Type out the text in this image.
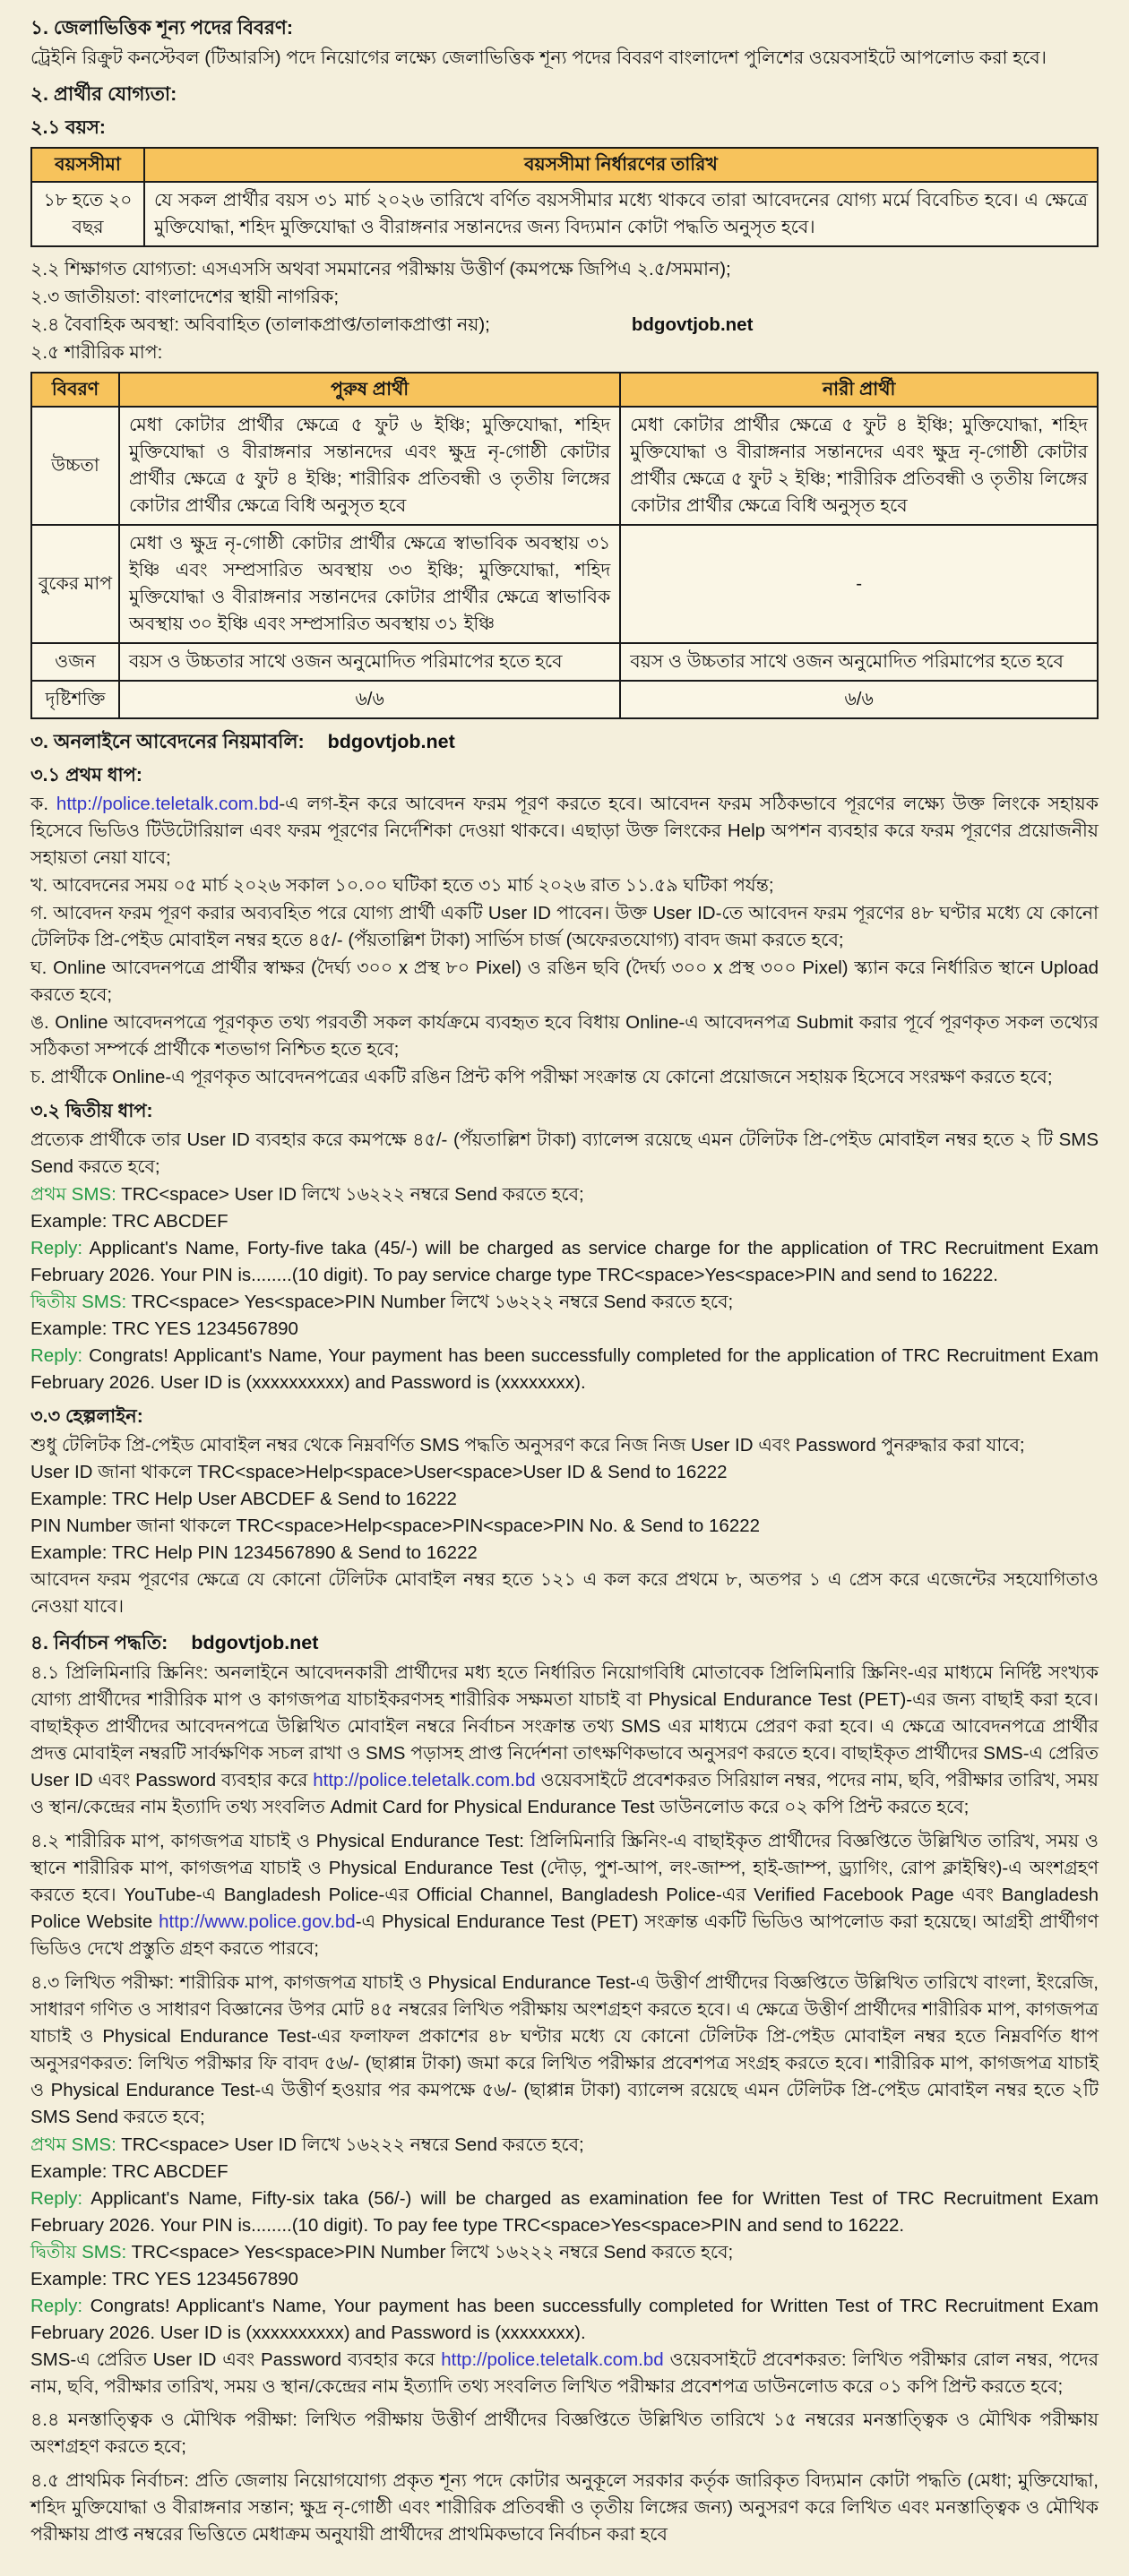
১. জেলাভিত্তিক শূন্য পদের বিবরণ:

ট্রেইনি রিক্রুট কনস্টেবল (টিআরসি) পদে নিয়োগের লক্ষ্যে জেলাভিত্তিক শূন্য পদের বিবরণ বাংলাদেশ পুলিশের ওয়েবসাইটে আপলোড করা হবে।

২. প্রার্থীর যোগ্যতা:
২.১ বয়স:
বয়সসীমা	বয়সসীমা নির্ধারণের তারিখ
১৮ হতে ২০ বছর	যে সকল প্রার্থীর বয়স ৩১ মার্চ ২০২৬ তারিখে বর্ণিত বয়সসীমার মধ্যে থাকবে তারা আবেদনের যোগ্য মর্মে বিবেচিত হবে। এ ক্ষেত্রে মুক্তিযোদ্ধা, শহিদ মুক্তিযোদ্ধা ও বীরাঙ্গনার সন্তানদের জন্য বিদ্যমান কোটা পদ্ধতি অনুসৃত হবে।

২.২ শিক্ষাগত যোগ্যতা: এসএসসি অথবা সমমানের পরীক্ষায় উত্তীর্ণ (কমপক্ষে জিপিএ ২.৫/সমমান);

২.৩ জাতীয়তা: বাংলাদেশের স্থায়ী নাগরিক;

২.৪ বৈবাহিক অবস্থা: অবিবাহিত (তালাকপ্রাপ্ত/তালাকপ্রাপ্তা নয়);	bdgovtjob.net

২.৫ শারীরিক মাপ:

বিবরণ	পুরুষ প্রার্থী	নারী প্রার্থী
উচ্চতা	মেধা কোটার প্রার্থীর ক্ষেত্রে ৫ ফুট ৬ ইঞ্চি; মুক্তিযোদ্ধা, শহিদ মুক্তিযোদ্ধা ও বীরাঙ্গনার সন্তানদের এবং ক্ষুদ্র নৃ-গোষ্ঠী কোটার প্রার্থীর ক্ষেত্রে ৫ ফুট ৪ ইঞ্চি; শারীরিক প্রতিবন্ধী ও তৃতীয় লিঙ্গের কোটার প্রার্থীর ক্ষেত্রে বিধি অনুসৃত হবে	মেধা কোটার প্রার্থীর ক্ষেত্রে ৫ ফুট ৪ ইঞ্চি; মুক্তিযোদ্ধা, শহিদ মুক্তিযোদ্ধা ও বীরাঙ্গনার সন্তানদের এবং ক্ষুদ্র নৃ-গোষ্ঠী কোটার প্রার্থীর ক্ষেত্রে ৫ ফুট ২ ইঞ্চি; শারীরিক প্রতিবন্ধী ও তৃতীয় লিঙ্গের কোটার প্রার্থীর ক্ষেত্রে বিধি অনুসৃত হবে
বুকের মাপ	মেধা ও ক্ষুদ্র নৃ-গোষ্ঠী কোটার প্রার্থীর ক্ষেত্রে স্বাভাবিক অবস্থায় ৩১ ইঞ্চি এবং সম্প্রসারিত অবস্থায় ৩৩ ইঞ্চি; মুক্তিযোদ্ধা, শহিদ মুক্তিযোদ্ধা ও বীরাঙ্গনার সন্তানদের কোটার প্রার্থীর ক্ষেত্রে স্বাভাবিক অবস্থায় ৩০ ইঞ্চি এবং সম্প্রসারিত অবস্থায় ৩১ ইঞ্চি	-
ওজন	বয়স ও উচ্চতার সাথে ওজন অনুমোদিত পরিমাপের হতে হবে	বয়স ও উচ্চতার সাথে ওজন অনুমোদিত পরিমাপের হতে হবে
দৃষ্টিশক্তি	৬/৬	৬/৬
৩. অনলাইনে আবেদনের নিয়মাবলি: bdgovtjob.net
৩.১ প্রথম ধাপ:

ক. http://police.teletalk.com.bd-এ লগ-ইন করে আবেদন ফরম পূরণ করতে হবে। আবেদন ফরম সঠিকভাবে পূরণের লক্ষ্যে উক্ত লিংকে সহায়ক হিসেবে ভিডিও টিউটোরিয়াল এবং ফরম পূরণের নির্দেশিকা দেওয়া থাকবে। এছাড়া উক্ত লিংকের Help অপশন ব্যবহার করে ফরম পূরণের প্রয়োজনীয় সহায়তা নেয়া যাবে;

খ. আবেদনের সময় ০৫ মার্চ ২০২৬ সকাল ১০.০০ ঘটিকা হতে ৩১ মার্চ ২০২৬ রাত ১১.৫৯ ঘটিকা পর্যন্ত;

গ. আবেদন ফরম পূরণ করার অব্যবহিত পরে যোগ্য প্রার্থী একটি User ID পাবেন। উক্ত User ID-তে আবেদন ফরম পূরণের ৪৮ ঘণ্টার মধ্যে যে কোনো টেলিটক প্রি-পেইড মোবাইল নম্বর হতে ৪৫/- (পঁয়তাল্লিশ টাকা) সার্ভিস চার্জ (অফেরতযোগ্য) বাবদ জমা করতে হবে;

ঘ. Online আবেদনপত্রে প্রার্থীর স্বাক্ষর (দৈর্ঘ্য ৩০০ x প্রস্থ ৮০ Pixel) ও রঙিন ছবি (দৈর্ঘ্য ৩০০ x প্রস্থ ৩০০ Pixel) স্ক্যান করে নির্ধারিত স্থানে Upload করতে হবে;

ঙ. Online আবেদনপত্রে পূরণকৃত তথ্য পরবর্তী সকল কার্যক্রমে ব্যবহৃত হবে বিধায় Online-এ আবেদনপত্র Submit করার পূর্বে পূরণকৃত সকল তথ্যের সঠিকতা সম্পর্কে প্রার্থীকে শতভাগ নিশ্চিত হতে হবে;

চ. প্রার্থীকে Online-এ পূরণকৃত আবেদনপত্রের একটি রঙিন প্রিন্ট কপি পরীক্ষা সংক্রান্ত যে কোনো প্রয়োজনে সহায়ক হিসেবে সংরক্ষণ করতে হবে;

৩.২ দ্বিতীয় ধাপ:

প্রত্যেক প্রার্থীকে তার User ID ব্যবহার করে কমপক্ষে ৪৫/- (পঁয়তাল্লিশ টাকা) ব্যালেন্স রয়েছে এমন টেলিটক প্রি-পেইড মোবাইল নম্বর হতে ২ টি SMS Send করতে হবে;

প্রথম SMS: TRC<space> User ID লিখে ১৬২২২ নম্বরে Send করতে হবে;

Example: TRC ABCDEF

Reply: Applicant's Name, Forty-five taka (45/-) will be charged as service charge for the application of TRC Recruitment Exam February 2026. Your PIN is........(10 digit). To pay service charge type TRC<space>Yes<space>PIN and send to 16222.

দ্বিতীয় SMS: TRC<space> Yes<space>PIN Number লিখে ১৬২২২ নম্বরে Send করতে হবে;

Example: TRC YES 1234567890

Reply: Congrats! Applicant's Name, Your payment has been successfully completed for the application of TRC Recruitment Exam February 2026. User ID is (xxxxxxxxxx) and Password is (xxxxxxxx).

৩.৩ হেল্পলাইন:

শুধু টেলিটক প্রি-পেইড মোবাইল নম্বর থেকে নিম্নবর্ণিত SMS পদ্ধতি অনুসরণ করে নিজ নিজ User ID এবং Password পুনরুদ্ধার করা যাবে;

User ID জানা থাকলে TRC<space>Help<space>User<space>User ID & Send to 16222

Example: TRC Help User ABCDEF & Send to 16222

PIN Number জানা থাকলে TRC<space>Help<space>PIN<space>PIN No. & Send to 16222

Example: TRC Help PIN 1234567890 & Send to 16222

আবেদন ফরম পূরণের ক্ষেত্রে যে কোনো টেলিটক মোবাইল নম্বর হতে ১২১ এ কল করে প্রথমে ৮, অতপর ১ এ প্রেস করে এজেন্টের সহযোগিতাও নেওয়া যাবে।

৪. নির্বাচন পদ্ধতি: bdgovtjob.net

৪.১ প্রিলিমিনারি স্ক্রিনিং: অনলাইনে আবেদনকারী প্রার্থীদের মধ্য হতে নির্ধারিত নিয়োগবিধি মোতাবেক প্রিলিমিনারি স্ক্রিনিং-এর মাধ্যমে নির্দিষ্ট সংখ্যক যোগ্য প্রার্থীদের শারীরিক মাপ ও কাগজপত্র যাচাইকরণসহ শারীরিক সক্ষমতা যাচাই বা Physical Endurance Test (PET)-এর জন্য বাছাই করা হবে। বাছাইকৃত প্রার্থীদের আবেদনপত্রে উল্লিখিত মোবাইল নম্বরে নির্বাচন সংক্রান্ত তথ্য SMS এর মাধ্যমে প্রেরণ করা হবে। এ ক্ষেত্রে আবেদনপত্রে প্রার্থীর প্রদত্ত মোবাইল নম্বরটি সার্বক্ষণিক সচল রাখা ও SMS পড়াসহ প্রাপ্ত নির্দেশনা তাৎক্ষণিকভাবে অনুসরণ করতে হবে। বাছাইকৃত প্রার্থীদের SMS-এ প্রেরিত User ID এবং Password ব্যবহার করে http://police.teletalk.com.bd ওয়েবসাইটে প্রবেশকরত সিরিয়াল নম্বর, পদের নাম, ছবি, পরীক্ষার তারিখ, সময় ও স্থান/কেন্দ্রের নাম ইত্যাদি তথ্য সংবলিত Admit Card for Physical Endurance Test ডাউনলোড করে ০২ কপি প্রিন্ট করতে হবে;

৪.২ শারীরিক মাপ, কাগজপত্র যাচাই ও Physical Endurance Test: প্রিলিমিনারি স্ক্রিনিং-এ বাছাইকৃত প্রার্থীদের বিজ্ঞপ্তিতে উল্লিখিত তারিখ, সময় ও স্থানে শারীরিক মাপ, কাগজপত্র যাচাই ও Physical Endurance Test (দৌড়, পুশ-আপ, লং-জাম্প, হাই-জাম্প, ড্র্যাগিং, রোপ ক্লাইম্বিং)-এ অংশগ্রহণ করতে হবে। YouTube-এ Bangladesh Police-এর Official Channel, Bangladesh Police-এর Verified Facebook Page এবং Bangladesh Police Website http://www.police.gov.bd-এ Physical Endurance Test (PET) সংক্রান্ত একটি ভিডিও আপলোড করা হয়েছে। আগ্রহী প্রার্থীগণ ভিডিও দেখে প্রস্তুতি গ্রহণ করতে পারবে;

৪.৩ লিখিত পরীক্ষা: শারীরিক মাপ, কাগজপত্র যাচাই ও Physical Endurance Test-এ উত্তীর্ণ প্রার্থীদের বিজ্ঞপ্তিতে উল্লিখিত তারিখে বাংলা, ইংরেজি, সাধারণ গণিত ও সাধারণ বিজ্ঞানের উপর মোট ৪৫ নম্বরের লিখিত পরীক্ষায় অংশগ্রহণ করতে হবে। এ ক্ষেত্রে উত্তীর্ণ প্রার্থীদের শারীরিক মাপ, কাগজপত্র যাচাই ও Physical Endurance Test-এর ফলাফল প্রকাশের ৪৮ ঘণ্টার মধ্যে যে কোনো টেলিটক প্রি-পেইড মোবাইল নম্বর হতে নিম্নবর্ণিত ধাপ অনুসরণকরত: লিখিত পরীক্ষার ফি বাবদ ৫৬/- (ছাপ্পান্ন টাকা) জমা করে লিখিত পরীক্ষার প্রবেশপত্র সংগ্রহ করতে হবে। শারীরিক মাপ, কাগজপত্র যাচাই ও Physical Endurance Test-এ উত্তীর্ণ হওয়ার পর কমপক্ষে ৫৬/- (ছাপ্পান্ন টাকা) ব্যালেন্স রয়েছে এমন টেলিটক প্রি-পেইড মোবাইল নম্বর হতে ২টি SMS Send করতে হবে;

প্রথম SMS: TRC<space> User ID লিখে ১৬২২২ নম্বরে Send করতে হবে;

Example: TRC ABCDEF

Reply: Applicant's Name, Fifty-six taka (56/-) will be charged as examination fee for Written Test of TRC Recruitment Exam February 2026. Your PIN is........(10 digit). To pay fee type TRC<space>Yes<space>PIN and send to 16222.

দ্বিতীয় SMS: TRC<space> Yes<space>PIN Number লিখে ১৬২২২ নম্বরে Send করতে হবে;

Example: TRC YES 1234567890

Reply: Congrats! Applicant's Name, Your payment has been successfully completed for Written Test of TRC Recruitment Exam February 2026. User ID is (xxxxxxxxxx) and Password is (xxxxxxxx).

SMS-এ প্রেরিত User ID এবং Password ব্যবহার করে http://police.teletalk.com.bd ওয়েবসাইটে প্রবেশকরত: লিখিত পরীক্ষার রোল নম্বর, পদের নাম, ছবি, পরীক্ষার তারিখ, সময় ও স্থান/কেন্দ্রের নাম ইত্যাদি তথ্য সংবলিত লিখিত পরীক্ষার প্রবেশপত্র ডাউনলোড করে ০১ কপি প্রিন্ট করতে হবে;

৪.৪ মনস্তাত্ত্বিক ও মৌখিক পরীক্ষা: লিখিত পরীক্ষায় উত্তীর্ণ প্রার্থীদের বিজ্ঞপ্তিতে উল্লিখিত তারিখে ১৫ নম্বরের মনস্তাত্ত্বিক ও মৌখিক পরীক্ষায় অংশগ্রহণ করতে হবে;

৪.৫ প্রাথমিক নির্বাচন: প্রতি জেলায় নিয়োগযোগ্য প্রকৃত শূন্য পদে কোটার অনুকূলে সরকার কর্তৃক জারিকৃত বিদ্যমান কোটা পদ্ধতি (মেধা; মুক্তিযোদ্ধা, শহিদ মুক্তিযোদ্ধা ও বীরাঙ্গনার সন্তান; ক্ষুদ্র নৃ-গোষ্ঠী এবং শারীরিক প্রতিবন্ধী ও তৃতীয় লিঙ্গের জন্য) অনুসরণ করে লিখিত এবং মনস্তাত্ত্বিক ও মৌখিক পরীক্ষায় প্রাপ্ত নম্বরের ভিত্তিতে মেধাক্রম অনুযায়ী প্রার্থীদের প্রাথমিকভাবে নির্বাচন করা হবে
